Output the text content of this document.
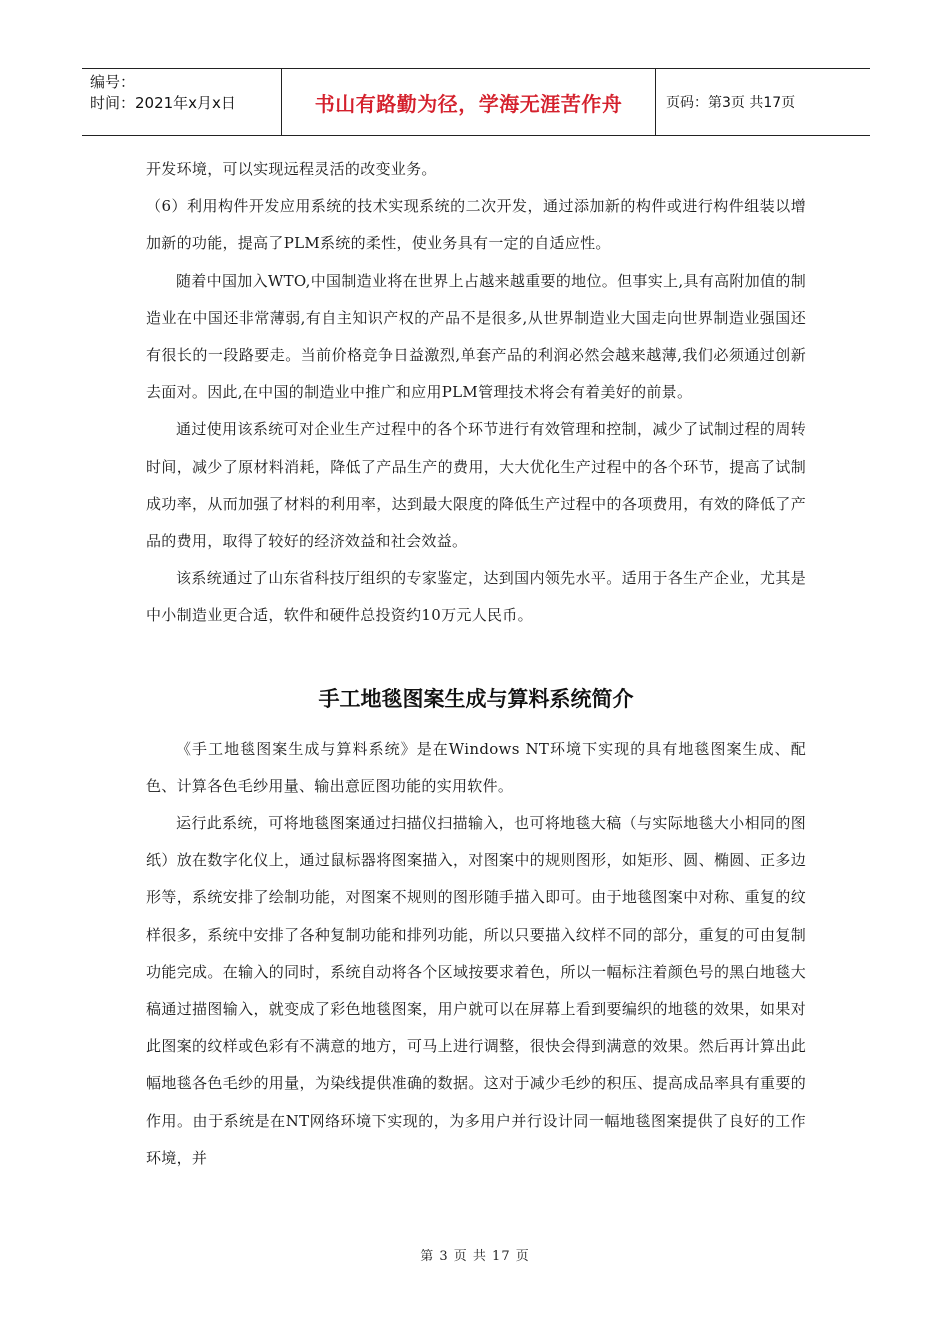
编号：
时间：2021年x月x日	书山有路勤为径，学海无涯苦作舟	页码：第3页 共17页

开发环境，可以实现远程灵活的改变业务。

（6）利用构件开发应用系统的技术实现系统的二次开发，通过添加新的构件或进行构件组装以增加新的功能，提高了PLM系统的柔性，使业务具有一定的自适应性。

随着中国加入WTO,中国制造业将在世界上占越来越重要的地位。但事实上,具有高附加值的制造业在中国还非常薄弱,有自主知识产权的产品不是很多,从世界制造业大国走向世界制造业强国还有很长的一段路要走。当前价格竞争日益激烈,单套产品的利润必然会越来越薄,我们必须通过创新去面对。因此,在中国的制造业中推广和应用PLM管理技术将会有着美好的前景。

通过使用该系统可对企业生产过程中的各个环节进行有效管理和控制，减少了试制过程的周转时间，减少了原材料消耗，降低了产品生产的费用，大大优化生产过程中的各个环节，提高了试制成功率，从而加强了材料的利用率，达到最大限度的降低生产过程中的各项费用，有效的降低了产品的费用，取得了较好的经济效益和社会效益。

该系统通过了山东省科技厅组织的专家鉴定，达到国内领先水平。适用于各生产企业，尤其是中小制造业更合适，软件和硬件总投资约10万元人民币。

手工地毯图案生成与算料系统简介

《手工地毯图案生成与算料系统》是在Windows NT环境下实现的具有地毯图案生成、配色、计算各色毛纱用量、输出意匠图功能的实用软件。

运行此系统，可将地毯图案通过扫描仪扫描输入，也可将地毯大稿（与实际地毯大小相同的图纸）放在数字化仪上，通过鼠标器将图案描入，对图案中的规则图形，如矩形、圆、椭圆、正多边形等，系统安排了绘制功能，对图案不规则的图形随手描入即可。由于地毯图案中对称、重复的纹样很多，系统中安排了各种复制功能和排列功能，所以只要描入纹样不同的部分，重复的可由复制功能完成。在输入的同时，系统自动将各个区域按要求着色，所以一幅标注着颜色号的黑白地毯大稿通过描图输入，就变成了彩色地毯图案，用户就可以在屏幕上看到要编织的地毯的效果，如果对此图案的纹样或色彩有不满意的地方，可马上进行调整，很快会得到满意的效果。然后再计算出此幅地毯各色毛纱的用量，为染线提供准确的数据。这对于减少毛纱的积压、提高成品率具有重要的作用。由于系统是在NT网络环境下实现的，为多用户并行设计同一幅地毯图案提供了良好的工作环境，并

第 3 页 共 17 页
